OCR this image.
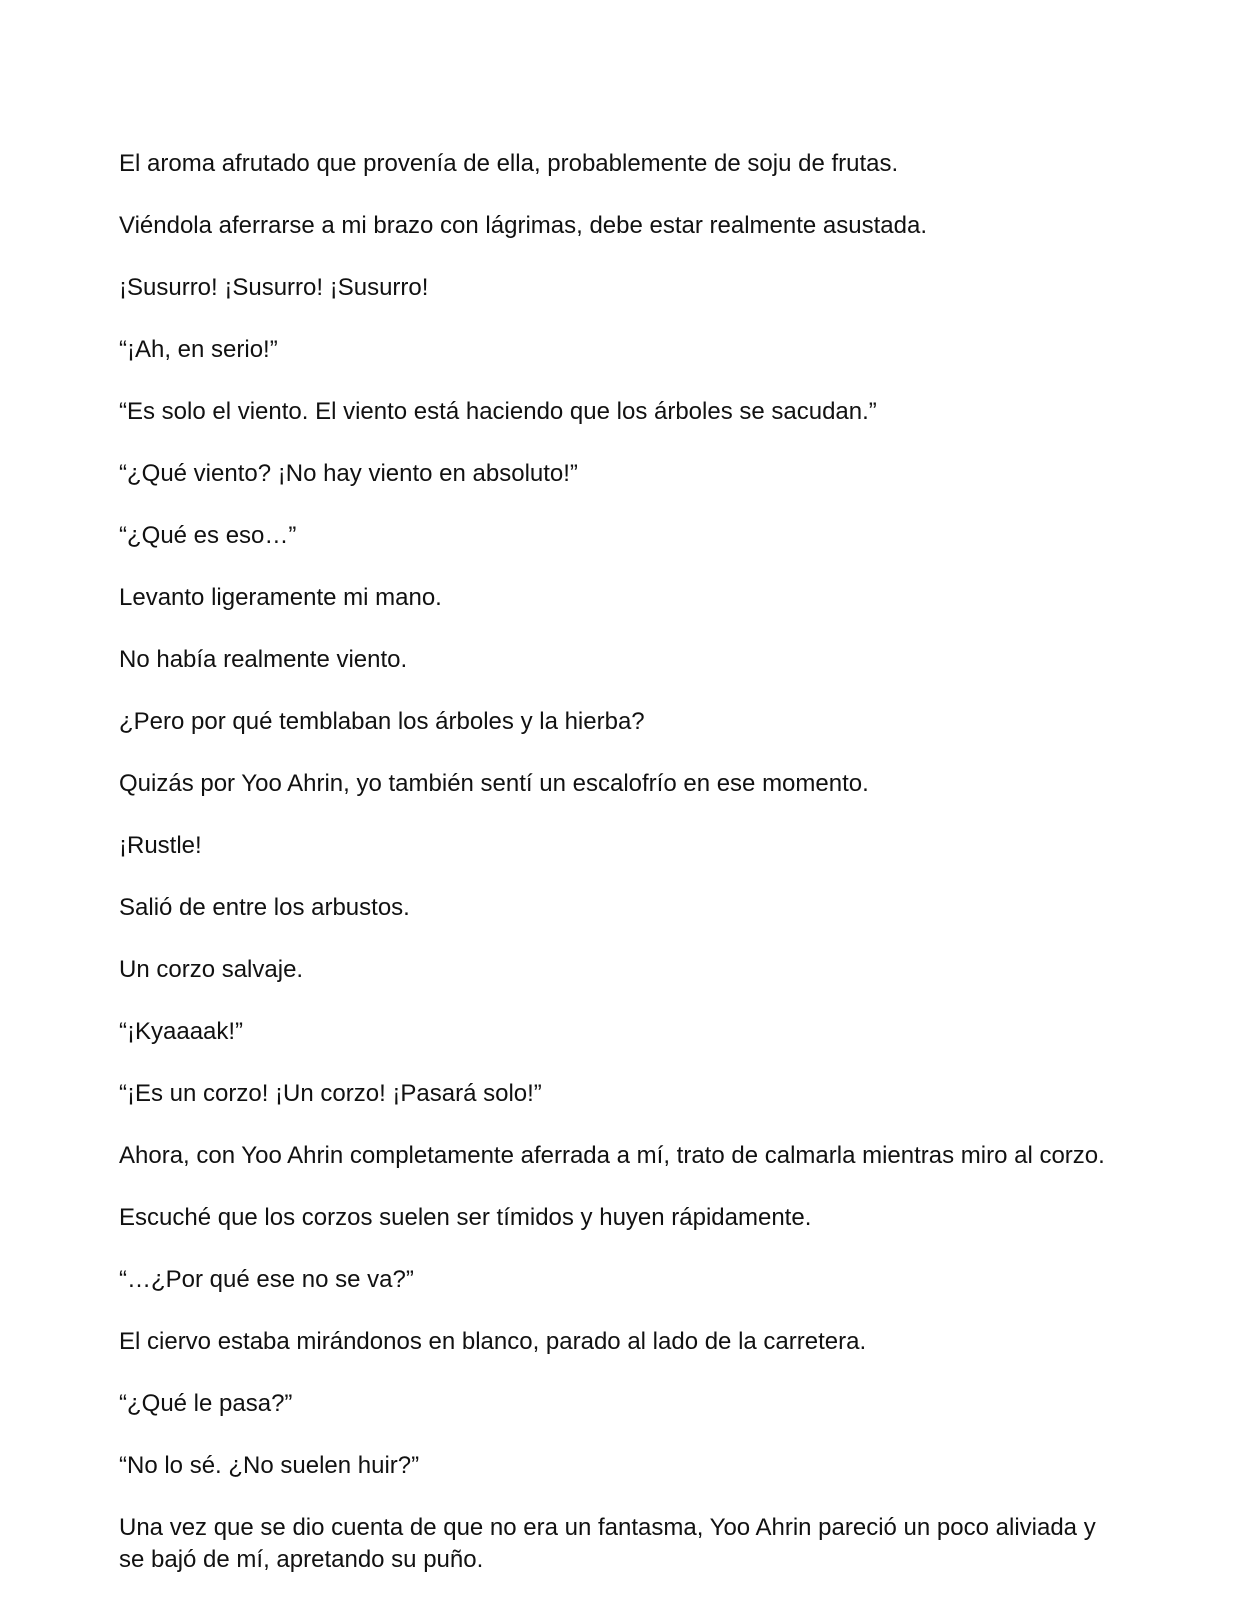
El aroma afrutado que provenía de ella, probablemente de soju de frutas.

Viéndola aferrarse a mi brazo con lágrimas, debe estar realmente asustada.

¡Susurro! ¡Susurro! ¡Susurro!

“¡Ah, en serio!”

“Es solo el viento. El viento está haciendo que los árboles se sacudan.”

“¿Qué viento? ¡No hay viento en absoluto!”

“¿Qué es eso…”

Levanto ligeramente mi mano.

No había realmente viento.

¿Pero por qué temblaban los árboles y la hierba?

Quizás por Yoo Ahrin, yo también sentí un escalofrío en ese momento.

¡Rustle!

Salió de entre los arbustos.

Un corzo salvaje.

“¡Kyaaaak!”

“¡Es un corzo! ¡Un corzo! ¡Pasará solo!”

Ahora, con Yoo Ahrin completamente aferrada a mí, trato de calmarla mientras miro al corzo.

Escuché que los corzos suelen ser tímidos y huyen rápidamente.

“…¿Por qué ese no se va?”

El ciervo estaba mirándonos en blanco, parado al lado de la carretera.

“¿Qué le pasa?”

“No lo sé. ¿No suelen huir?”

Una vez que se dio cuenta de que no era un fantasma, Yoo Ahrin pareció un poco aliviada y se bajó de mí, apretando su puño.
